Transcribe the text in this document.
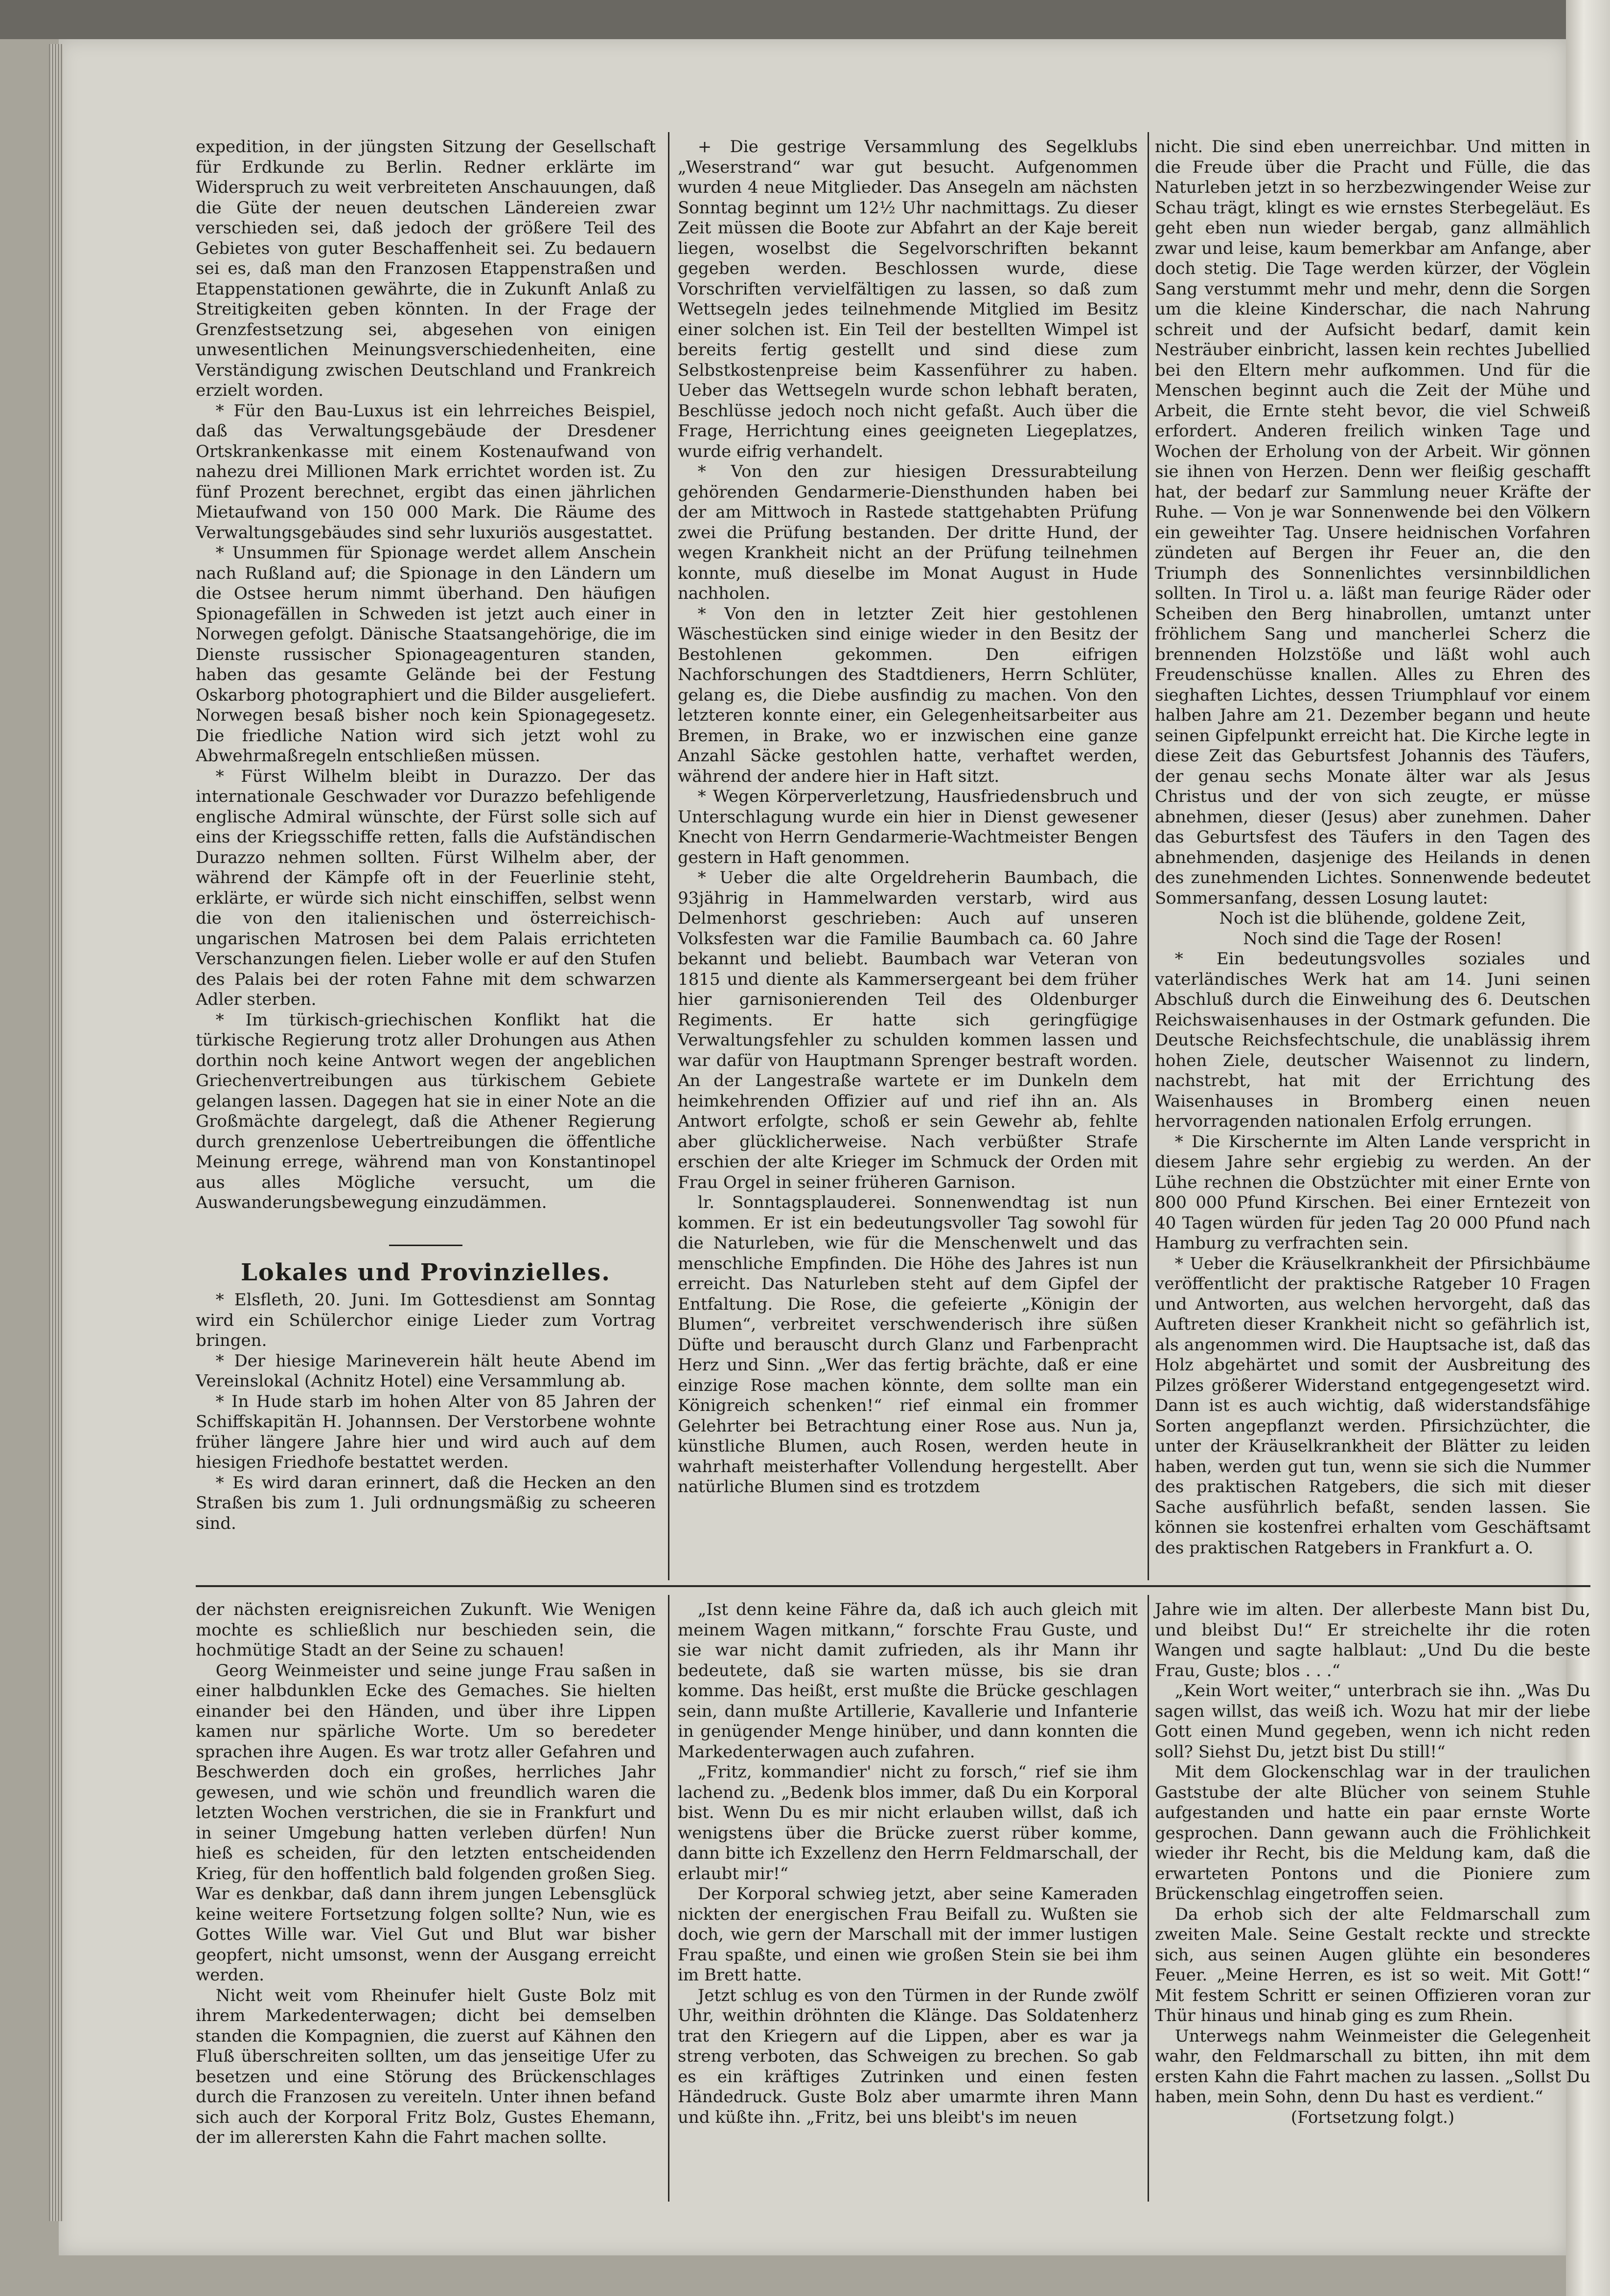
expedition, in der jüngsten Sitzung der Gesellschaft für Erdkunde zu Berlin. Redner erklärte im Widerspruch zu weit verbreiteten Anschauungen, daß die Güte der neuen deutschen Ländereien zwar verschieden sei, daß jedoch der größere Teil des Gebietes von guter Beschaffenheit sei. Zu bedauern sei es, daß man den Franzosen Etappenstraßen und Etappenstationen gewährte, die in Zukunft Anlaß zu Streitigkeiten geben könnten. In der Frage der Grenzfestsetzung sei, abgesehen von einigen unwesentlichen Meinungsverschiedenheiten, eine Verständigung zwischen Deutschland und Frankreich erzielt worden.

* Für den Bau-Luxus ist ein lehrreiches Beispiel, daß das Verwaltungsgebäude der Dresdener Ortskrankenkasse mit einem Kostenaufwand von nahezu drei Millionen Mark errichtet worden ist. Zu fünf Prozent berechnet, ergibt das einen jährlichen Mietaufwand von 150 000 Mark. Die Räume des Verwaltungsgebäudes sind sehr luxuriös ausgestattet.

* Unsummen für Spionage werdet allem Anschein nach Rußland auf; die Spionage in den Ländern um die Ostsee herum nimmt überhand. Den häufigen Spionagefällen in Schweden ist jetzt auch einer in Norwegen gefolgt. Dänische Staatsangehörige, die im Dienste russischer Spionageagenturen standen, haben das gesamte Gelände bei der Festung Oskarborg photographiert und die Bilder ausgeliefert. Norwegen besaß bisher noch kein Spionagegesetz. Die friedliche Nation wird sich jetzt wohl zu Abwehrmaßregeln entschließen müssen.

* Fürst Wilhelm bleibt in Durazzo. Der das internationale Geschwader vor Durazzo befehligende englische Admiral wünschte, der Fürst solle sich auf eins der Kriegsschiffe retten, falls die Aufständischen Durazzo nehmen sollten. Fürst Wilhelm aber, der während der Kämpfe oft in der Feuerlinie steht, erklärte, er würde sich nicht einschiffen, selbst wenn die von den italienischen und österreichisch-ungarischen Matrosen bei dem Palais errichteten Verschanzungen fielen. Lieber wolle er auf den Stufen des Palais bei der roten Fahne mit dem schwarzen Adler sterben.

* Im türkisch-griechischen Konflikt hat die türkische Regierung trotz aller Drohungen aus Athen dorthin noch keine Antwort wegen der angeblichen Griechenvertreibungen aus türkischem Gebiete gelangen lassen. Dagegen hat sie in einer Note an die Großmächte dargelegt, daß die Athener Regierung durch grenzenlose Uebertreibungen die öffentliche Meinung errege, während man von Konstantinopel aus alles Mögliche versucht, um die Auswanderungsbewegung einzudämmen.

Lokales und Provinzielles.

* Elsfleth, 20. Juni. Im Gottesdienst am Sonntag wird ein Schülerchor einige Lieder zum Vortrag bringen.

* Der hiesige Marineverein hält heute Abend im Vereinslokal (Achnitz Hotel) eine Versammlung ab.

* In Hude starb im hohen Alter von 85 Jahren der Schiffskapitän H. Johannsen. Der Verstorbene wohnte früher längere Jahre hier und wird auch auf dem hiesigen Friedhofe bestattet werden.

* Es wird daran erinnert, daß die Hecken an den Straßen bis zum 1. Juli ordnungsmäßig zu scheeren sind.

+ Die gestrige Versammlung des Segelklubs „Weserstrand“ war gut besucht. Aufgenommen wurden 4 neue Mitglieder. Das Ansegeln am nächsten Sonntag beginnt um 12½ Uhr nachmittags. Zu dieser Zeit müssen die Boote zur Abfahrt an der Kaje bereit liegen, woselbst die Segelvorschriften bekannt gegeben werden. Beschlossen wurde, diese Vorschriften vervielfältigen zu lassen, so daß zum Wettsegeln jedes teilnehmende Mitglied im Besitz einer solchen ist. Ein Teil der bestellten Wimpel ist bereits fertig gestellt und sind diese zum Selbstkostenpreise beim Kassenführer zu haben. Ueber das Wettsegeln wurde schon lebhaft beraten, Beschlüsse jedoch noch nicht gefaßt. Auch über die Frage, Herrichtung eines geeigneten Liegeplatzes, wurde eifrig verhandelt.

* Von den zur hiesigen Dressurabteilung gehörenden Gendarmerie-Diensthunden haben bei der am Mittwoch in Rastede stattgehabten Prüfung zwei die Prüfung bestanden. Der dritte Hund, der wegen Krankheit nicht an der Prüfung teilnehmen konnte, muß dieselbe im Monat August in Hude nachholen.

* Von den in letzter Zeit hier gestohlenen Wäschestücken sind einige wieder in den Besitz der Bestohlenen gekommen. Den eifrigen Nachforschungen des Stadtdieners, Herrn Schlüter, gelang es, die Diebe ausfindig zu machen. Von den letzteren konnte einer, ein Gelegenheitsarbeiter aus Bremen, in Brake, wo er inzwischen eine ganze Anzahl Säcke gestohlen hatte, verhaftet werden, während der andere hier in Haft sitzt.

* Wegen Körperverletzung, Hausfriedensbruch und Unterschlagung wurde ein hier in Dienst gewesener Knecht von Herrn Gendarmerie-Wachtmeister Bengen gestern in Haft genommen.

* Ueber die alte Orgeldreherin Baumbach, die 93jährig in Hammelwarden verstarb, wird aus Delmenhorst geschrieben: Auch auf unseren Volksfesten war die Familie Baumbach ca. 60 Jahre bekannt und beliebt. Baumbach war Veteran von 1815 und diente als Kammersergeant bei dem früher hier garnisonierenden Teil des Oldenburger Regiments. Er hatte sich geringfügige Verwaltungsfehler zu schulden kommen lassen und war dafür von Hauptmann Sprenger bestraft worden. An der Langestraße wartete er im Dunkeln dem heimkehrenden Offizier auf und rief ihn an. Als Antwort erfolgte, schoß er sein Gewehr ab, fehlte aber glücklicherweise. Nach verbüßter Strafe erschien der alte Krieger im Schmuck der Orden mit Frau Orgel in seiner früheren Garnison.

lr. Sonntagsplauderei. Sonnenwendtag ist nun kommen. Er ist ein bedeutungsvoller Tag sowohl für die Naturleben, wie für die Menschenwelt und das menschliche Empfinden. Die Höhe des Jahres ist nun erreicht. Das Naturleben steht auf dem Gipfel der Entfaltung. Die Rose, die gefeierte „Königin der Blumen“, verbreitet verschwenderisch ihre süßen Düfte und berauscht durch Glanz und Farbenpracht Herz und Sinn. „Wer das fertig brächte, daß er eine einzige Rose machen könnte, dem sollte man ein Königreich schenken!“ rief einmal ein frommer Gelehrter bei Betrachtung einer Rose aus. Nun ja, künstliche Blumen, auch Rosen, werden heute in wahrhaft meisterhafter Vollendung hergestellt. Aber natürliche Blumen sind es trotzdem

nicht. Die sind eben unerreichbar. Und mitten in die Freude über die Pracht und Fülle, die das Naturleben jetzt in so herzbezwingender Weise zur Schau trägt, klingt es wie ernstes Sterbegeläut. Es geht eben nun wieder bergab, ganz allmählich zwar und leise, kaum bemerkbar am Anfange, aber doch stetig. Die Tage werden kürzer, der Vöglein Sang verstummt mehr und mehr, denn die Sorgen um die kleine Kinderschar, die nach Nahrung schreit und der Aufsicht bedarf, damit kein Nesträuber einbricht, lassen kein rechtes Jubellied bei den Eltern mehr aufkommen. Und für die Menschen beginnt auch die Zeit der Mühe und Arbeit, die Ernte steht bevor, die viel Schweiß erfordert. Anderen freilich winken Tage und Wochen der Erholung von der Arbeit. Wir gönnen sie ihnen von Herzen. Denn wer fleißig geschafft hat, der bedarf zur Sammlung neuer Kräfte der Ruhe. — Von je war Sonnenwende bei den Völkern ein geweihter Tag. Unsere heidnischen Vorfahren zündeten auf Bergen ihr Feuer an, die den Triumph des Sonnenlichtes versinnbildlichen sollten. In Tirol u. a. läßt man feurige Räder oder Scheiben den Berg hinabrollen, umtanzt unter fröhlichem Sang und mancherlei Scherz die brennenden Holzstöße und läßt wohl auch Freudenschüsse knallen. Alles zu Ehren des sieghaften Lichtes, dessen Triumphlauf vor einem halben Jahre am 21. Dezember begann und heute seinen Gipfelpunkt erreicht hat. Die Kirche legte in diese Zeit das Geburtsfest Johannis des Täufers, der genau sechs Monate älter war als Jesus Christus und der von sich zeugte, er müsse abnehmen, dieser (Jesus) aber zunehmen. Daher das Geburtsfest des Täufers in den Tagen des abnehmenden, dasjenige des Heilands in denen des zunehmenden Lichtes. Sonnenwende bedeutet Sommersanfang, dessen Losung lautet:

Noch ist die blühende, goldene Zeit,

Noch sind die Tage der Rosen!

* Ein bedeutungsvolles soziales und vaterländisches Werk hat am 14. Juni seinen Abschluß durch die Einweihung des 6. Deutschen Reichswaisenhauses in der Ostmark gefunden. Die Deutsche Reichsfechtschule, die unablässig ihrem hohen Ziele, deutscher Waisennot zu lindern, nachstrebt, hat mit der Errichtung des Waisenhauses in Bromberg einen neuen hervorragenden nationalen Erfolg errungen.

* Die Kirschernte im Alten Lande verspricht in diesem Jahre sehr ergiebig zu werden. An der Lühe rechnen die Obstzüchter mit einer Ernte von 800 000 Pfund Kirschen. Bei einer Erntezeit von 40 Tagen würden für jeden Tag 20 000 Pfund nach Hamburg zu verfrachten sein.

* Ueber die Kräuselkrankheit der Pfirsichbäume veröffentlicht der praktische Ratgeber 10 Fragen und Antworten, aus welchen hervorgeht, daß das Auftreten dieser Krankheit nicht so gefährlich ist, als angenommen wird. Die Hauptsache ist, daß das Holz abgehärtet und somit der Ausbreitung des Pilzes größerer Widerstand entgegengesetzt wird. Dann ist es auch wichtig, daß widerstandsfähige Sorten angepflanzt werden. Pfirsichzüchter, die unter der Kräuselkrankheit der Blätter zu leiden haben, werden gut tun, wenn sie sich die Nummer des praktischen Ratgebers, die sich mit dieser Sache ausführlich befaßt, senden lassen. Sie können sie kostenfrei erhalten vom Geschäftsamt des praktischen Ratgebers in Frankfurt a. O.

der nächsten ereignisreichen Zukunft. Wie Wenigen mochte es schließlich nur beschieden sein, die hochmütige Stadt an der Seine zu schauen!

Georg Weinmeister und seine junge Frau saßen in einer halbdunklen Ecke des Gemaches. Sie hielten einander bei den Händen, und über ihre Lippen kamen nur spärliche Worte. Um so beredeter sprachen ihre Augen. Es war trotz aller Gefahren und Beschwerden doch ein großes, herrliches Jahr gewesen, und wie schön und freundlich waren die letzten Wochen verstrichen, die sie in Frankfurt und in seiner Umgebung hatten verleben dürfen! Nun hieß es scheiden, für den letzten entscheidenden Krieg, für den hoffentlich bald folgenden großen Sieg. War es denkbar, daß dann ihrem jungen Lebensglück keine weitere Fortsetzung folgen sollte? Nun, wie es Gottes Wille war. Viel Gut und Blut war bisher geopfert, nicht umsonst, wenn der Ausgang erreicht werden.

Nicht weit vom Rheinufer hielt Guste Bolz mit ihrem Markedenterwagen; dicht bei demselben standen die Kompagnien, die zuerst auf Kähnen den Fluß überschreiten sollten, um das jenseitige Ufer zu besetzen und eine Störung des Brückenschlages durch die Franzosen zu vereiteln. Unter ihnen befand sich auch der Korporal Fritz Bolz, Gustes Ehemann, der im allerersten Kahn die Fahrt machen sollte.

„Ist denn keine Fähre da, daß ich auch gleich mit meinem Wagen mitkann,“ forschte Frau Guste, und sie war nicht damit zufrieden, als ihr Mann ihr bedeutete, daß sie warten müsse, bis sie dran komme. Das heißt, erst mußte die Brücke geschlagen sein, dann mußte Artillerie, Kavallerie und Infanterie in genügender Menge hinüber, und dann konnten die Markedenterwagen auch zufahren.

„Fritz, kommandier' nicht zu forsch,“ rief sie ihm lachend zu. „Bedenk blos immer, daß Du ein Korporal bist. Wenn Du es mir nicht erlauben willst, daß ich wenigstens über die Brücke zuerst rüber komme, dann bitte ich Exzellenz den Herrn Feldmarschall, der erlaubt mir!“

Der Korporal schwieg jetzt, aber seine Kameraden nickten der energischen Frau Beifall zu. Wußten sie doch, wie gern der Marschall mit der immer lustigen Frau spaßte, und einen wie großen Stein sie bei ihm im Brett hatte.

Jetzt schlug es von den Türmen in der Runde zwölf Uhr, weithin dröhnten die Klänge. Das Soldatenherz trat den Kriegern auf die Lippen, aber es war ja streng verboten, das Schweigen zu brechen. So gab es ein kräftiges Zutrinken und einen festen Händedruck. Guste Bolz aber umarmte ihren Mann und küßte ihn. „Fritz, bei uns bleibt's im neuen

Jahre wie im alten. Der allerbeste Mann bist Du, und bleibst Du!“ Er streichelte ihr die roten Wangen und sagte halblaut: „Und Du die beste Frau, Guste; blos . . .“

„Kein Wort weiter,“ unterbrach sie ihn. „Was Du sagen willst, das weiß ich. Wozu hat mir der liebe Gott einen Mund gegeben, wenn ich nicht reden soll? Siehst Du, jetzt bist Du still!“

Mit dem Glockenschlag war in der traulichen Gaststube der alte Blücher von seinem Stuhle aufgestanden und hatte ein paar ernste Worte gesprochen. Dann gewann auch die Fröhlichkeit wieder ihr Recht, bis die Meldung kam, daß die erwarteten Pontons und die Pioniere zum Brückenschlag eingetroffen seien.

Da erhob sich der alte Feldmarschall zum zweiten Male. Seine Gestalt reckte und streckte sich, aus seinen Augen glühte ein besonderes Feuer. „Meine Herren, es ist so weit. Mit Gott!“ Mit festem Schritt er seinen Offizieren voran zur Thür hinaus und hinab ging es zum Rhein.

Unterwegs nahm Weinmeister die Gelegenheit wahr, den Feldmarschall zu bitten, ihn mit dem ersten Kahn die Fahrt machen zu lassen. „Sollst Du haben, mein Sohn, denn Du hast es verdient.“

(Fortsetzung folgt.)
